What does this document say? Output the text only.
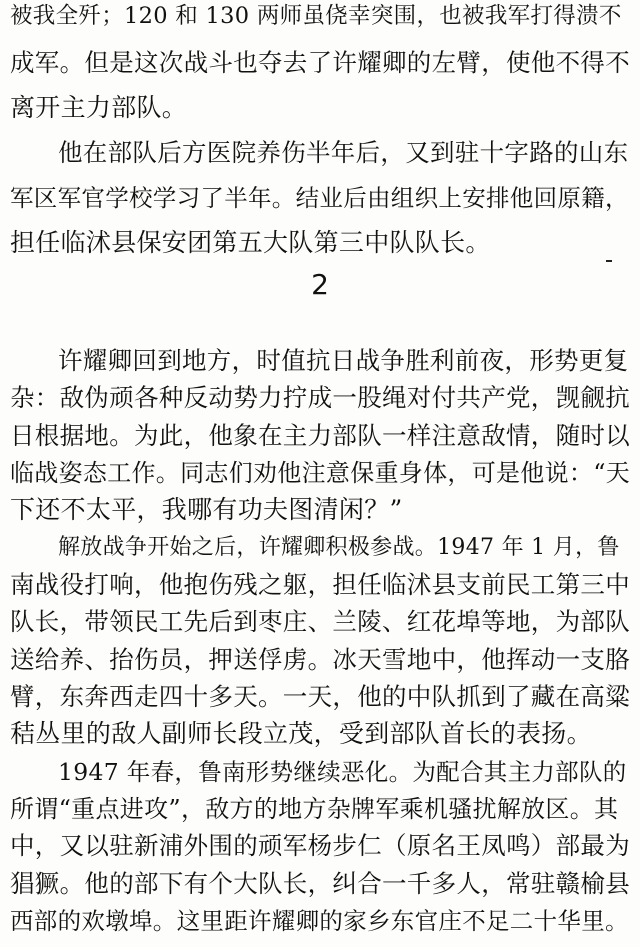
被我全歼；120 和 130 两师虽侥幸突围，也被我军打得溃不
成军。但是这次战斗也夺去了许耀卿的左臂，使他不得不
离开主力部队。
他在部队后方医院养伤半年后，又到驻十字路的山东
军区军官学校学习了半年。结业后由组织上安排他回原籍，
担任临沭县保安团第五大队第三中队队长。
2
许耀卿回到地方，时值抗日战争胜利前夜，形势更复
杂：敌伪顽各种反动势力拧成一股绳对付共产党，觊觎抗
日根据地。为此，他象在主力部队一样注意敌情，随时以
临战姿态工作。同志们劝他注意保重身体，可是他说：“天
下还不太平，我哪有功夫图清闲？”
解放战争开始之后，许耀卿积极参战。1947 年 1 月，鲁
南战役打响，他抱伤残之躯，担任临沭县支前民工第三中
队长，带领民工先后到枣庄、兰陵、红花埠等地，为部队
送给养、抬伤员，押送俘虏。冰天雪地中，他挥动一支胳
臂，东奔西走四十多天。一天，他的中队抓到了藏在高粱
秸丛里的敌人副师长段立茂，受到部队首长的表扬。
1947 年春，鲁南形势继续恶化。为配合其主力部队的
所谓“重点进攻”，敌方的地方杂牌军乘机骚扰解放区。其
中，又以驻新浦外围的顽军杨步仁（原名王凤鸣）部最为
猖獗。他的部下有个大队长，纠合一千多人，常驻赣榆县
西部的欢墩埠。这里距许耀卿的家乡东官庄不足二十华里。
